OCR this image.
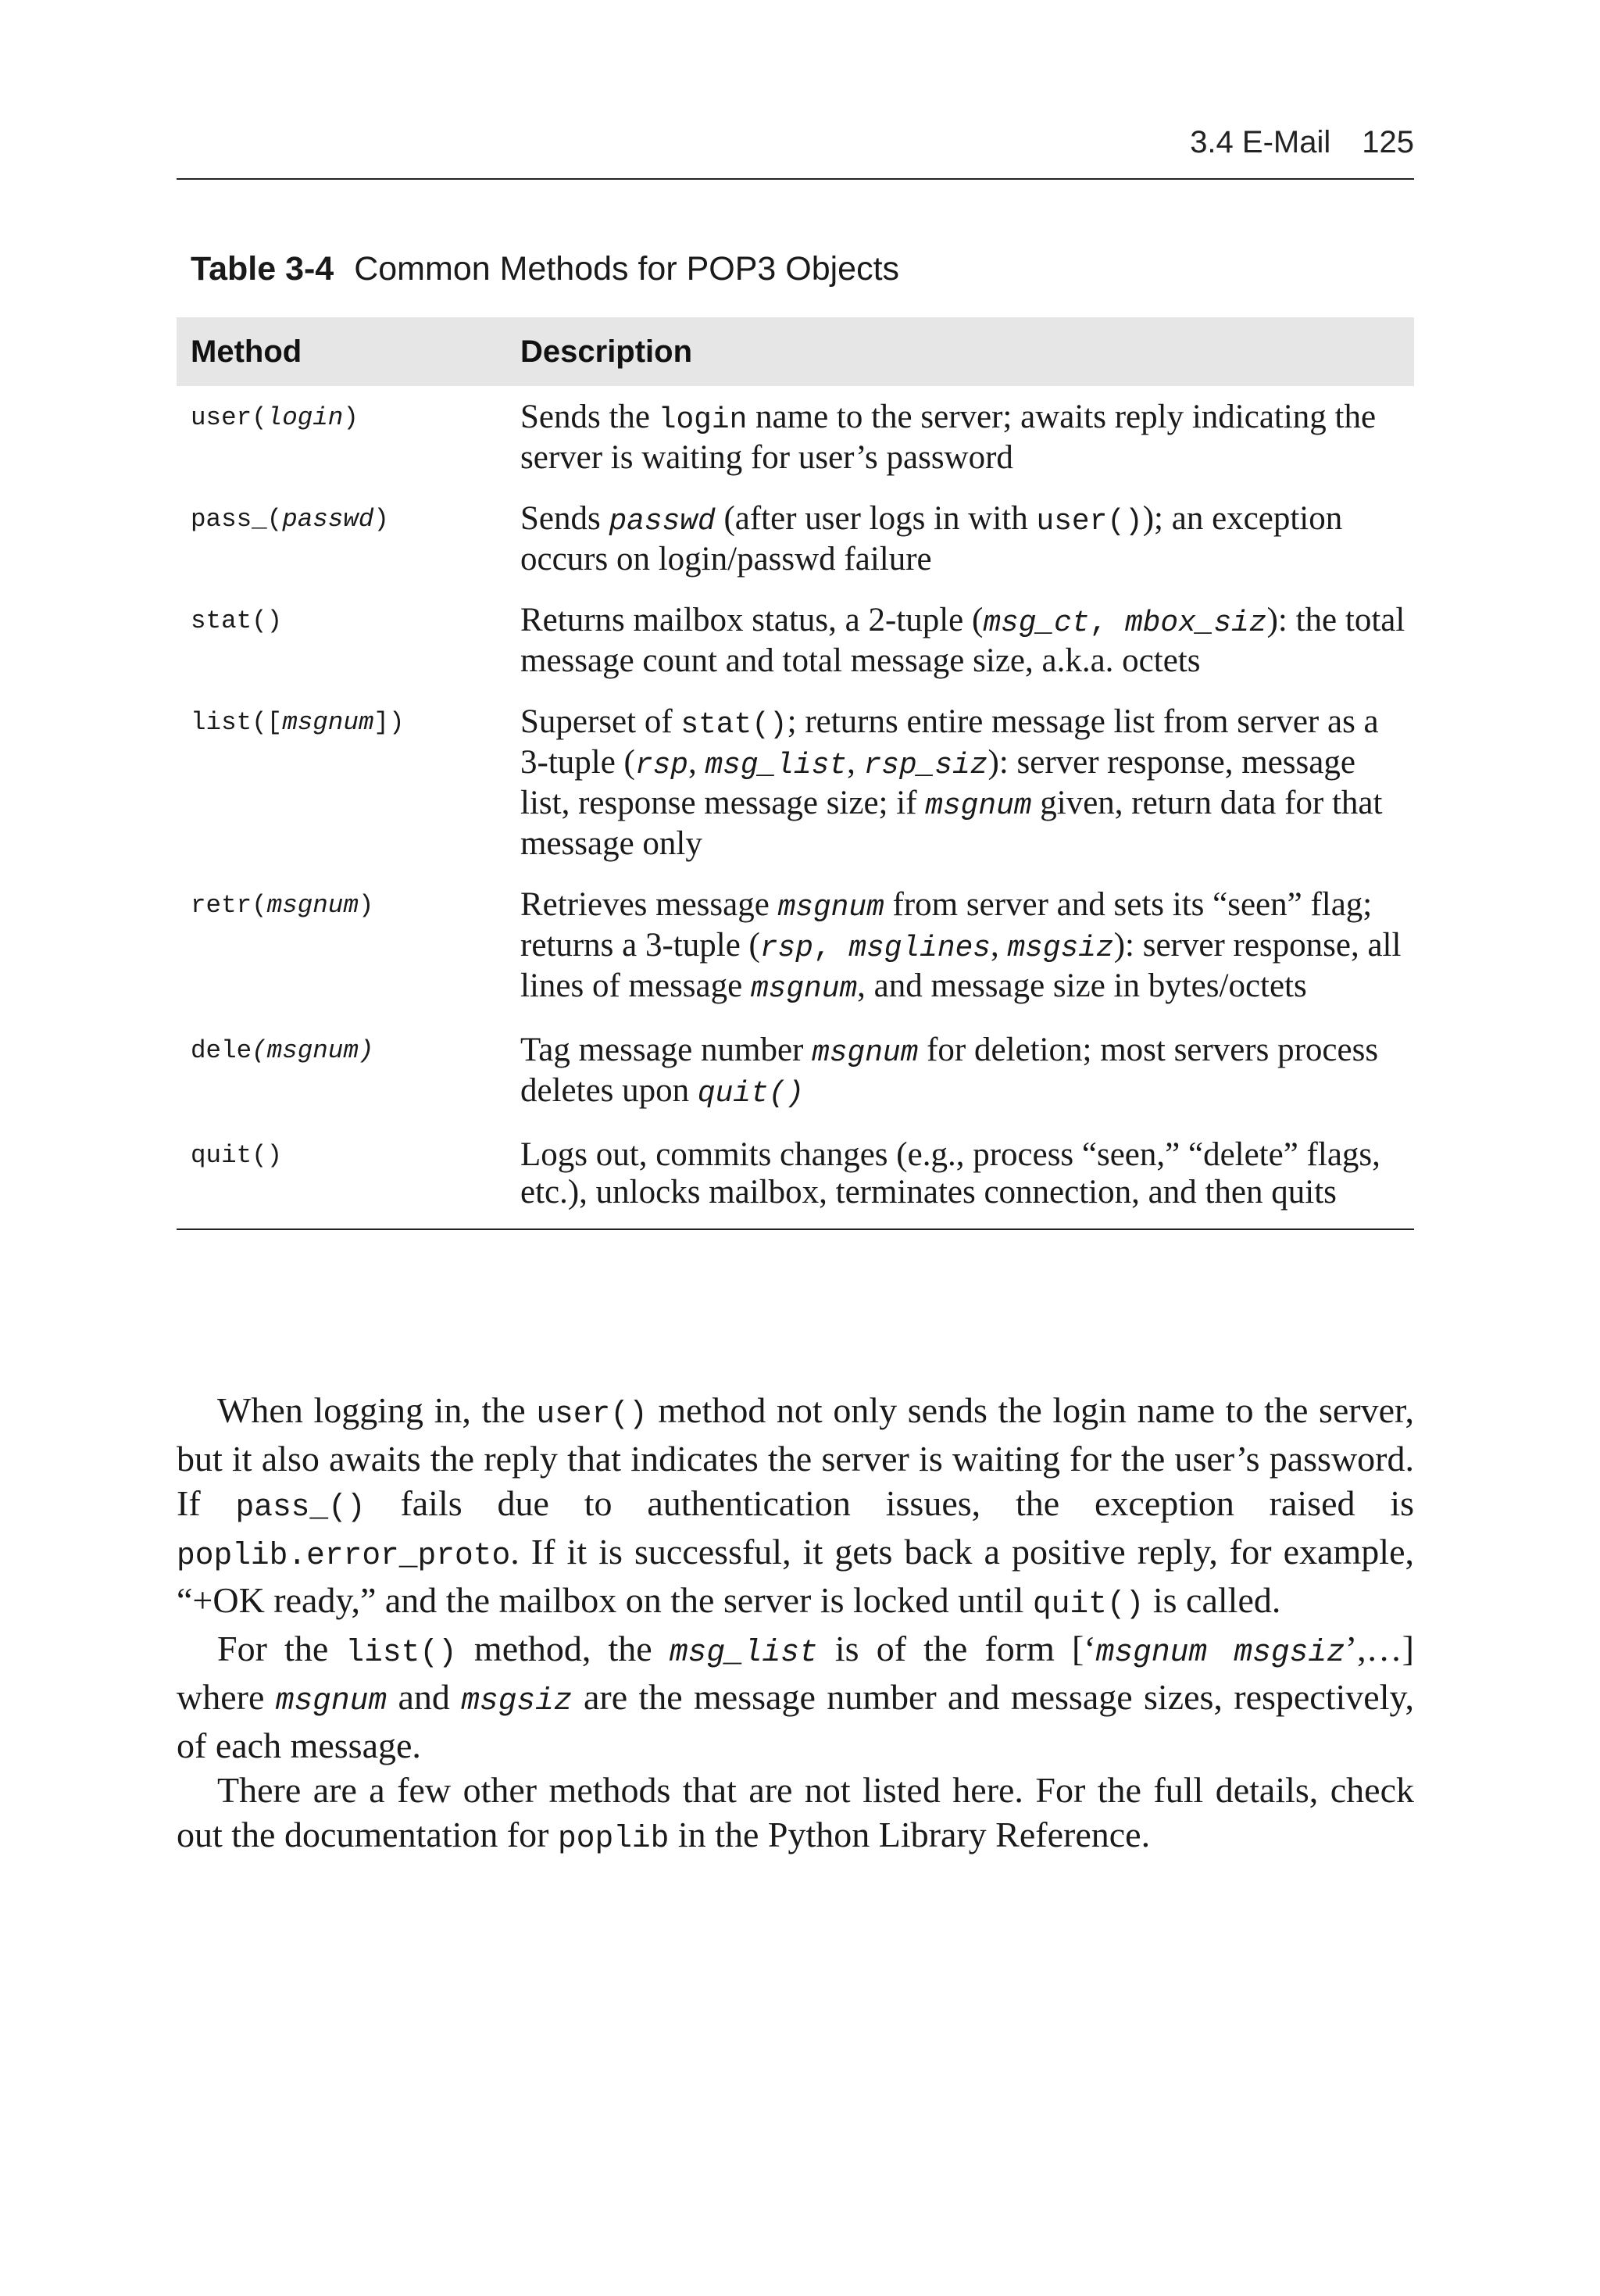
3.4 E-Mail 125
Table 3-4 Common Methods for POP3 Objects
Method	Description
user(login)	Sends the login name to the server; awaits reply indicating the server is waiting for user’s password
pass_(passwd)	Sends passwd (after user logs in with user()); an exception occurs on login/passwd failure
stat()	Returns mailbox status, a 2-tuple (msg_ct, mbox_siz): the total message count and total message size, a.k.a. octets
list([msgnum])	Superset of stat(); returns entire message list from server as a 3-tuple (rsp, msg_list, rsp_siz): server response, message list, response message size; if msgnum given, return data for that message only
retr(msgnum)	Retrieves message msgnum from server and sets its “seen” flag; returns a 3-tuple (rsp, msglines, msgsiz): server response, all lines of message msgnum, and message size in bytes/octets
dele(msgnum)	Tag message number msgnum for deletion; most servers process deletes upon quit()
quit()	Logs out, commits changes (e.g., process “seen,” “delete” flags, etc.), unlocks mailbox, terminates connection, and then quits

When logging in, the user() method not only sends the login name to the server, but it also awaits the reply that indicates the server is waiting for the user’s password. If pass_() fails due to authentication issues, the exception raised is poplib.error_proto. If it is successful, it gets back a positive reply, for example, “+OK ready,” and the mailbox on the server is locked until quit() is called.

For the list() method, the msg_list is of the form [‘msgnum msgsiz’,…] where msgnum and msgsiz are the message number and message sizes, respectively, of each message.

There are a few other methods that are not listed here. For the full details, check out the documentation for poplib in the Python Library Reference.
